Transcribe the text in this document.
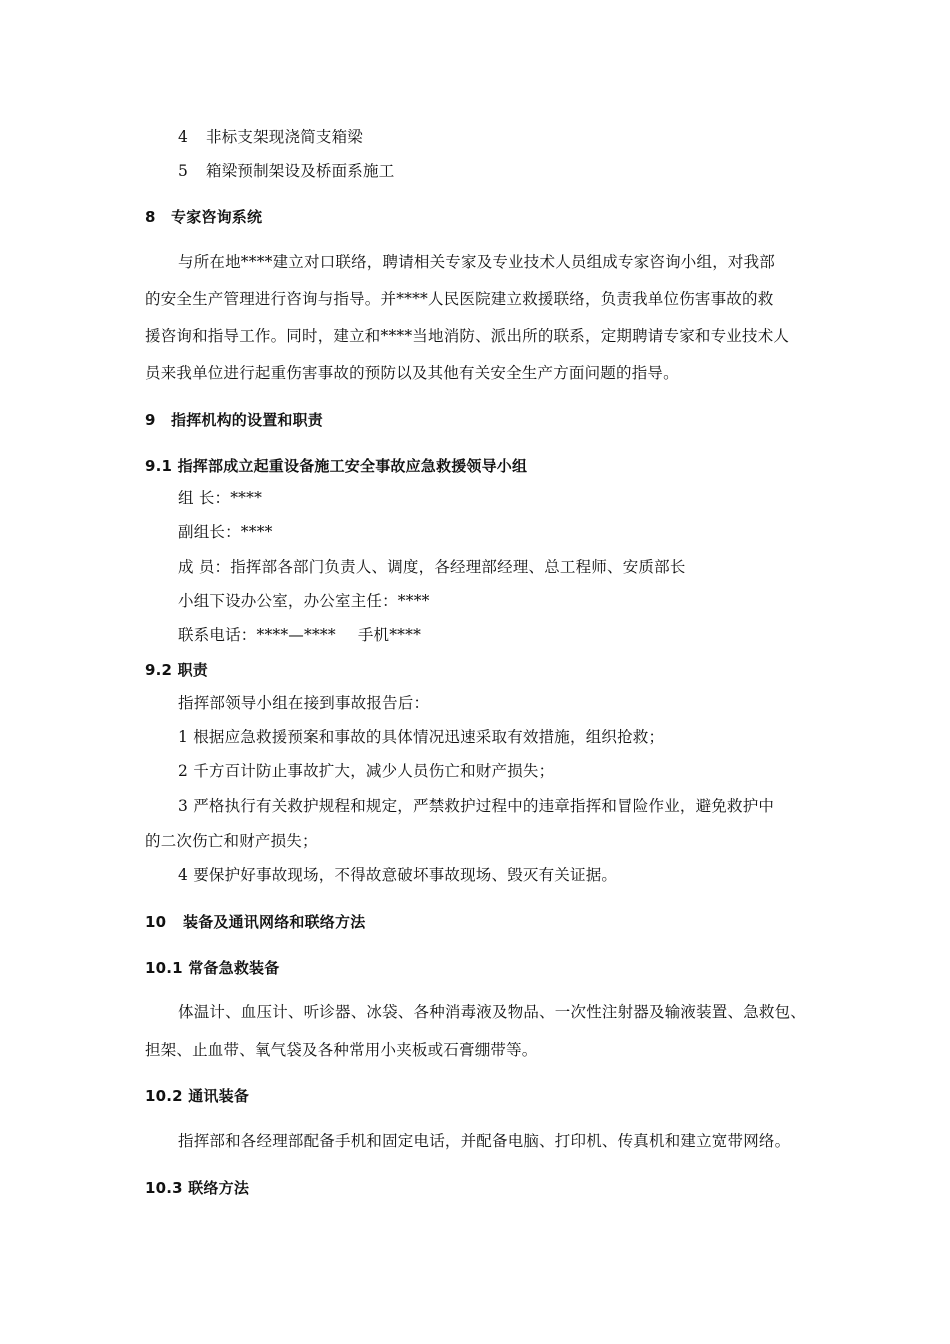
4 非标支架现浇简支箱梁
5 箱梁预制架设及桥面系施工
8 专家咨询系统
与所在地****建立对口联络，聘请相关专家及专业技术人员组成专家咨询小组，对我部
的安全生产管理进行咨询与指导。并****人民医院建立救援联络，负责我单位伤害事故的救
援咨询和指导工作。同时，建立和****当地消防、派出所的联系，定期聘请专家和专业技术人
员来我单位进行起重伤害事故的预防以及其他有关安全生产方面问题的指导。
9 指挥机构的设置和职责
9.1 指挥部成立起重设备施工安全事故应急救援领导小组
组 长：****
副组长：****
成 员：指挥部各部门负责人、调度，各经理部经理、总工程师、安质部长
小组下设办公室，办公室主任：****
联系电话：****—**** 手机****
9.2 职责
指挥部领导小组在接到事故报告后：
1 根据应急救援预案和事故的具体情况迅速采取有效措施，组织抢救；
2 千方百计防止事故扩大，减少人员伤亡和财产损失；
3 严格执行有关救护规程和规定，严禁救护过程中的违章指挥和冒险作业，避免救护中
的二次伤亡和财产损失；
4 要保护好事故现场，不得故意破坏事故现场、毁灭有关证据。
10 装备及通讯网络和联络方法
10.1 常备急救装备
体温计、血压计、听诊器、冰袋、各种消毒液及物品、一次性注射器及输液装置、急救包、
担架、止血带、氧气袋及各种常用小夹板或石膏绷带等。
10.2 通讯装备
指挥部和各经理部配备手机和固定电话，并配备电脑、打印机、传真机和建立宽带网络。
10.3 联络方法
